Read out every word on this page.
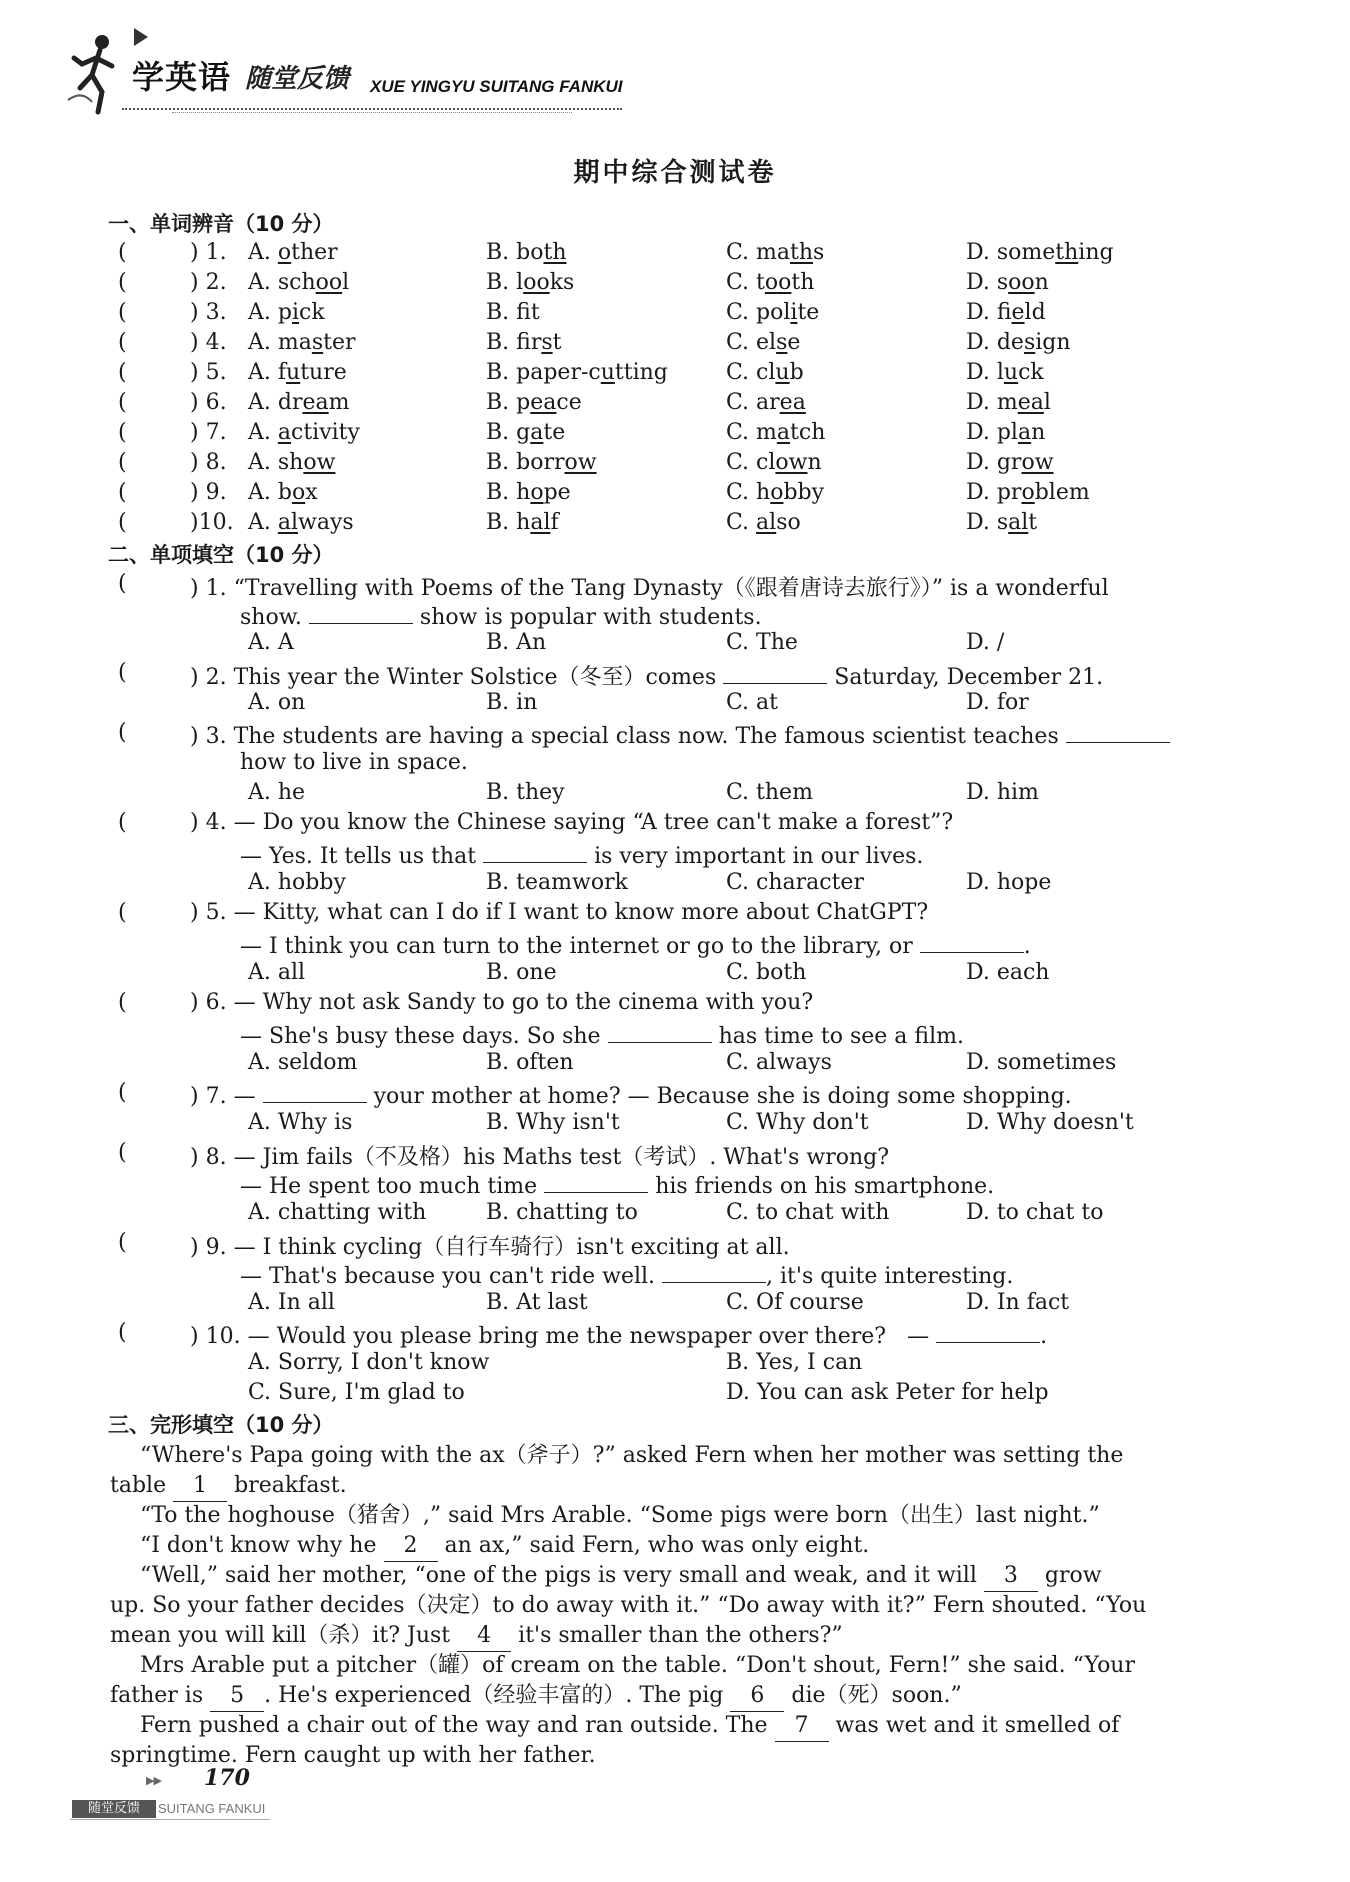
学英语 随堂反馈 XUE YINGYU SUITANG FANKUI
期中综合测试卷
一、单词辨音（10 分）
(	) 1. A. other	B. both	C. maths	D. something
(	) 2. A. school	B. looks	C. tooth	D. soon
(	) 3. A. pick	B. ft	C. polite	D. field
(	) 4. A. master	B. first	C. else	D. design
(	) 5. A. future	B. paper-cutting	C. club	D. luck
(	) 6. A. dream	B. peace	C. area	D. meal
(	) 7. A. activity	B. gate	C. match	D. plan
(	) 8. A. show	B. borrow	C. clown	D. grow
(	) 9. A. box	B. hope	C. hobby	D. problem
(	)10. A. always	B. half	C. also	D. salt
二、单项填空（10 分）
(	) 1. “Travelling with Poems of the Tang Dynasty（《跟着唐诗去旅行》）” is a wonderful
show.	show is popular with students.
A. A	B. An	C. The	D. /
(	) 2. This year the Winter Solstice（冬至）comes	Saturday, December 21.
A. on	B. in	C. at	D. for
(	) 3. The students are having a special class now. The famous scientist teaches
how to live in space.
A. he	B. they	C. them	D. him
(	) 4. — Do you know the Chinese saying “A tree can't make a forest”?
— Yes. It tells us that	is very important in our lives.
A. hobby	B. teamwork	C. character	D. hope
(	) 5. — Kitty, what can I do if I want to know more about ChatGPT?
— I think you can turn to the internet or go to the library, or	.
A. all	B. one	C. both	D. each
(	) 6. — Why not ask Sandy to go to the cinema with you?
— She's busy these days. So she	has time to see a film.
A. seldom	B. often	C. always	D. sometimes
(	) 7. —	your mother at home? — Because she is doing some shopping.
A. Why is	B. Why isn't	C. Why don't	D. Why doesn't
(	) 8. — Jim fails（不及格）his Maths test（考试）. What's wrong?
— He spent too much time	his friends on his smartphone.
A. chatting with	B. chatting to	C. to chat with	D. to chat to
(	) 9. — I think cycling（自行车骑行）isn't exciting at all.
— That's because you can't ride well.	, it's quite interesting.
A. In all	B. At last	C. Of course	D. In fact
(	) 10. — Would you please bring me the newspaper over there? —	.
A. Sorry, I don't know	B. Yes, I can
C. Sure, I'm glad to	D. You can ask Peter for help
三、完形填空（10 分）
“Where's Papa going with the ax（斧子）?” asked Fern when her mother was setting the
table 1 breakfast.
“To the hoghouse（猪舍）,” said Mrs Arable. “Some pigs were born（出生）last night.”
“I don't know why he 2 an ax,” said Fern, who was only eight.
“Well,” said her mother, “one of the pigs is very small and weak, and it will 3 grow
up. So your father decides（决定）to do away with it.” “Do away with it?” Fern shouted. “You
mean you will kill（杀）it? Just 4 it's smaller than the others?”
Mrs Arable put a pitcher（罐）of cream on the table. “Don't shout, Fern!” she said. “Your
father is 5 . He's experienced（经验丰富的）. The pig 6 die（死）soon.”
Fern pushed a chair out of the way and ran outside. The 7 was wet and it smelled of
springtime. Fern caught up with her father.
▶▶ 170
随堂反馈	SUITANG FANKUI
